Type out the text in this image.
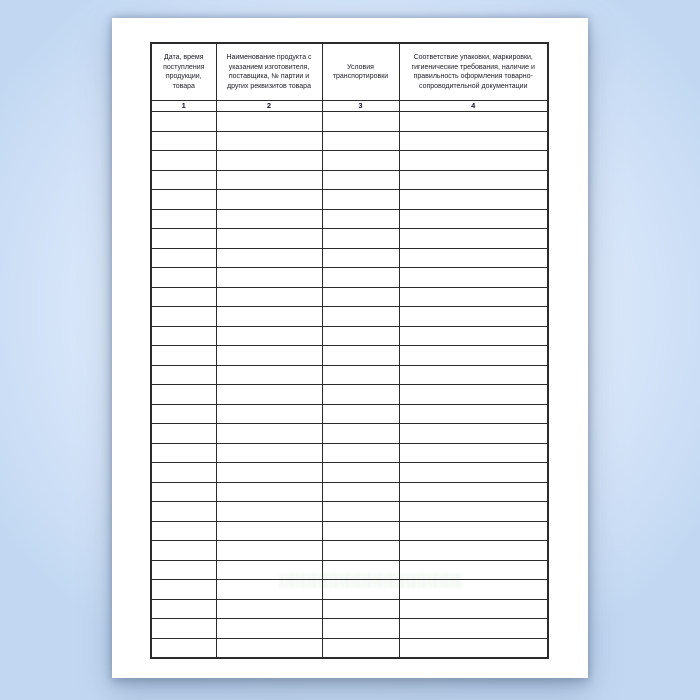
Дата, время поступления продукции, товара	Наименование продукта с указанием изготовителя, поставщика, № партии и других реквизитов товара	Условия транспортировки	Соответствие упаковки, маркировки, гигиенические требования, наличие и правильность оформления товарно-сопроводительной документации
1	2	3	4
